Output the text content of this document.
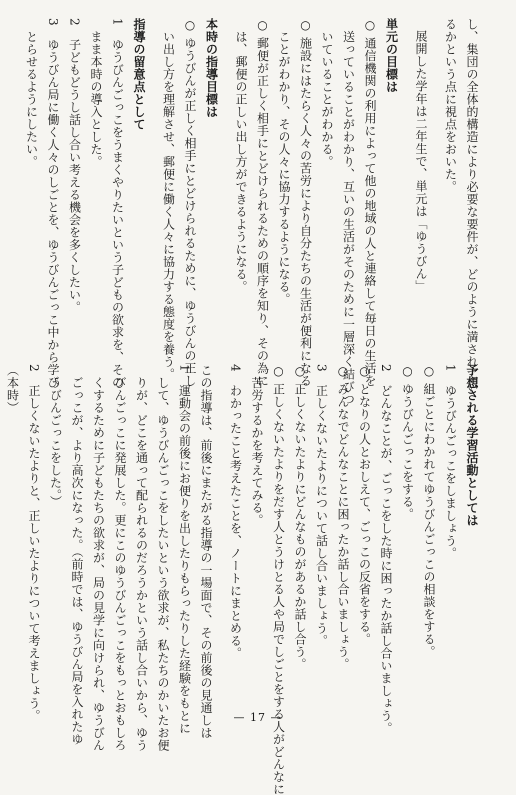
し、集団の全体的構造により必要な要件が、どのように満されてい
るかという点に視点をおいた。
展開した学年は二年生で、単元は「ゆうびん」
単元の目標は
○ 通信機関の利用によって他の地域の人と連絡して毎日の生活を
　送っていることがわかり、互いの生活がそのために一層深く結びつ
　いていることがわかる。
○ 施設にはたらく人々の苦労により自分たちの生活が便利になる
　ことがわかり、その人々に協力するようになる。
○ 郵便が正しく相手にとどけられるための順序を知り、その為に
　は、郵便の正しい出し方ができるようになる。
本時の指導目標は
○ ゆうびんが正しく相手にとどけられるために、ゆうびんの正し
　い出し方を理解させ、郵便に働く人々に協力する態度を養う。
指導の留意点として
1　ゆうびんごっこをうまくやりたいという子どもの欲求を、その
　まま本時の導入とした。
2　子どもどうし話し合い考える機会を多くしたい。
3　ゆうびん局に働く人々のしごとを、ゆうびんごっこ中から学び
　とらせるようにしたい。
予想される学習活動としては
1　ゆうびんごっこをしましょう。
○ 組ごとにわかれてゆうびんごっこの相談をする。
○ ゆうびんごっこをする。
2　どんなことが、ごっこをした時に困ったか話し合いましょう。
○ となりの人とおしえて、ごっこの反省をする。
○ みんなでどんなことに困ったか話し合いましょう。
3　正しくないたよりについて話し合いましょう。
○ 正しくないたよりにどんなものがあるか話し合う。
○ 正しくないたよりをだす人とうけとる人や局でしごとをする人がどんなに
　苦労するかを考えてみる。
4　わかったこと考えたことを、ノートにまとめる。
この指導は、前後にまたがる指導の一場面で、その前後の見通しは
1　運動会の前後にお便りを出したりもらったりした経験をもとに
　して、ゆうびんごっこをしたいという欲求が、私たちのかいたお便
　りが、どこを通って配られるのだろうかという話し合いから、ゆう
　びんごっこに発展した。更にこのゆうびんごっこをもっとおもしろ
　くするために子どもたちの欲求が、局の見学に向けられ、ゆうびん
　ごっこが、より高次になった。（前時では、ゆうびん局を入れたゆ
　うびんごっこをした。）
2　正しくないたよりと、正しいたよりについて考えましょう。
（本時）
— 17 —
